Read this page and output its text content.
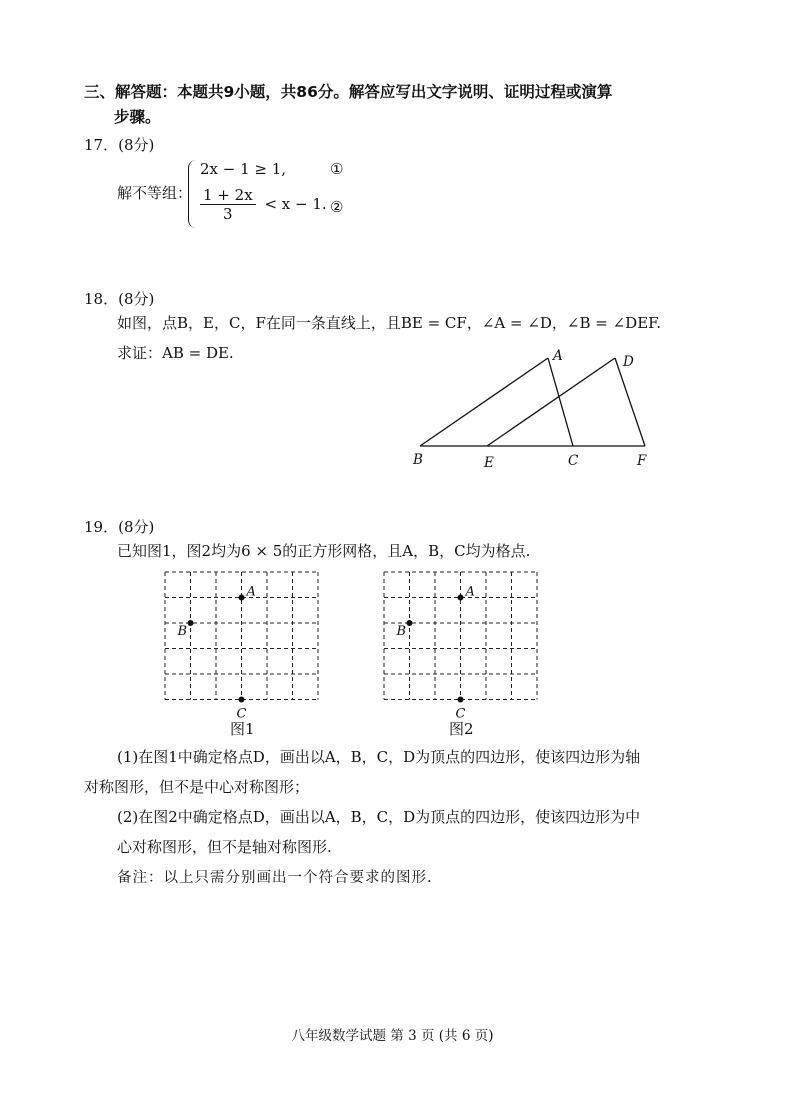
三、解答题：本题共9小题，共86分。解答应写出文字说明、证明过程或演算
步骤。
17．(8分)
解不等组：
2x − 1 ≥ 1,	①
$\frac{1 + 2x}{3} < x - 1$. ②
18．(8分)
如图，点B，E，C，F在同一条直线上，且BE = CF，∠A = ∠D，∠B = ∠DEF.
求证：AB = DE.	A	D
B	E	C	F
19．(8分)
已知图1，图2均为6 × 5的正方形网格，且A，B，C均为格点.
A
B
C
A
B
C
图1	图2
(1)在图1中确定格点D，画出以A，B，C，D为顶点的四边形，使该四边形为轴
对称图形，但不是中心对称图形；
(2)在图2中确定格点D，画出以A，B，C，D为顶点的四边形，使该四边形为中
心对称图形，但不是轴对称图形.
备注：以上只需分别画出一个符合要求的图形.
八年级数学试题 第 3 页 (共 6 页)
